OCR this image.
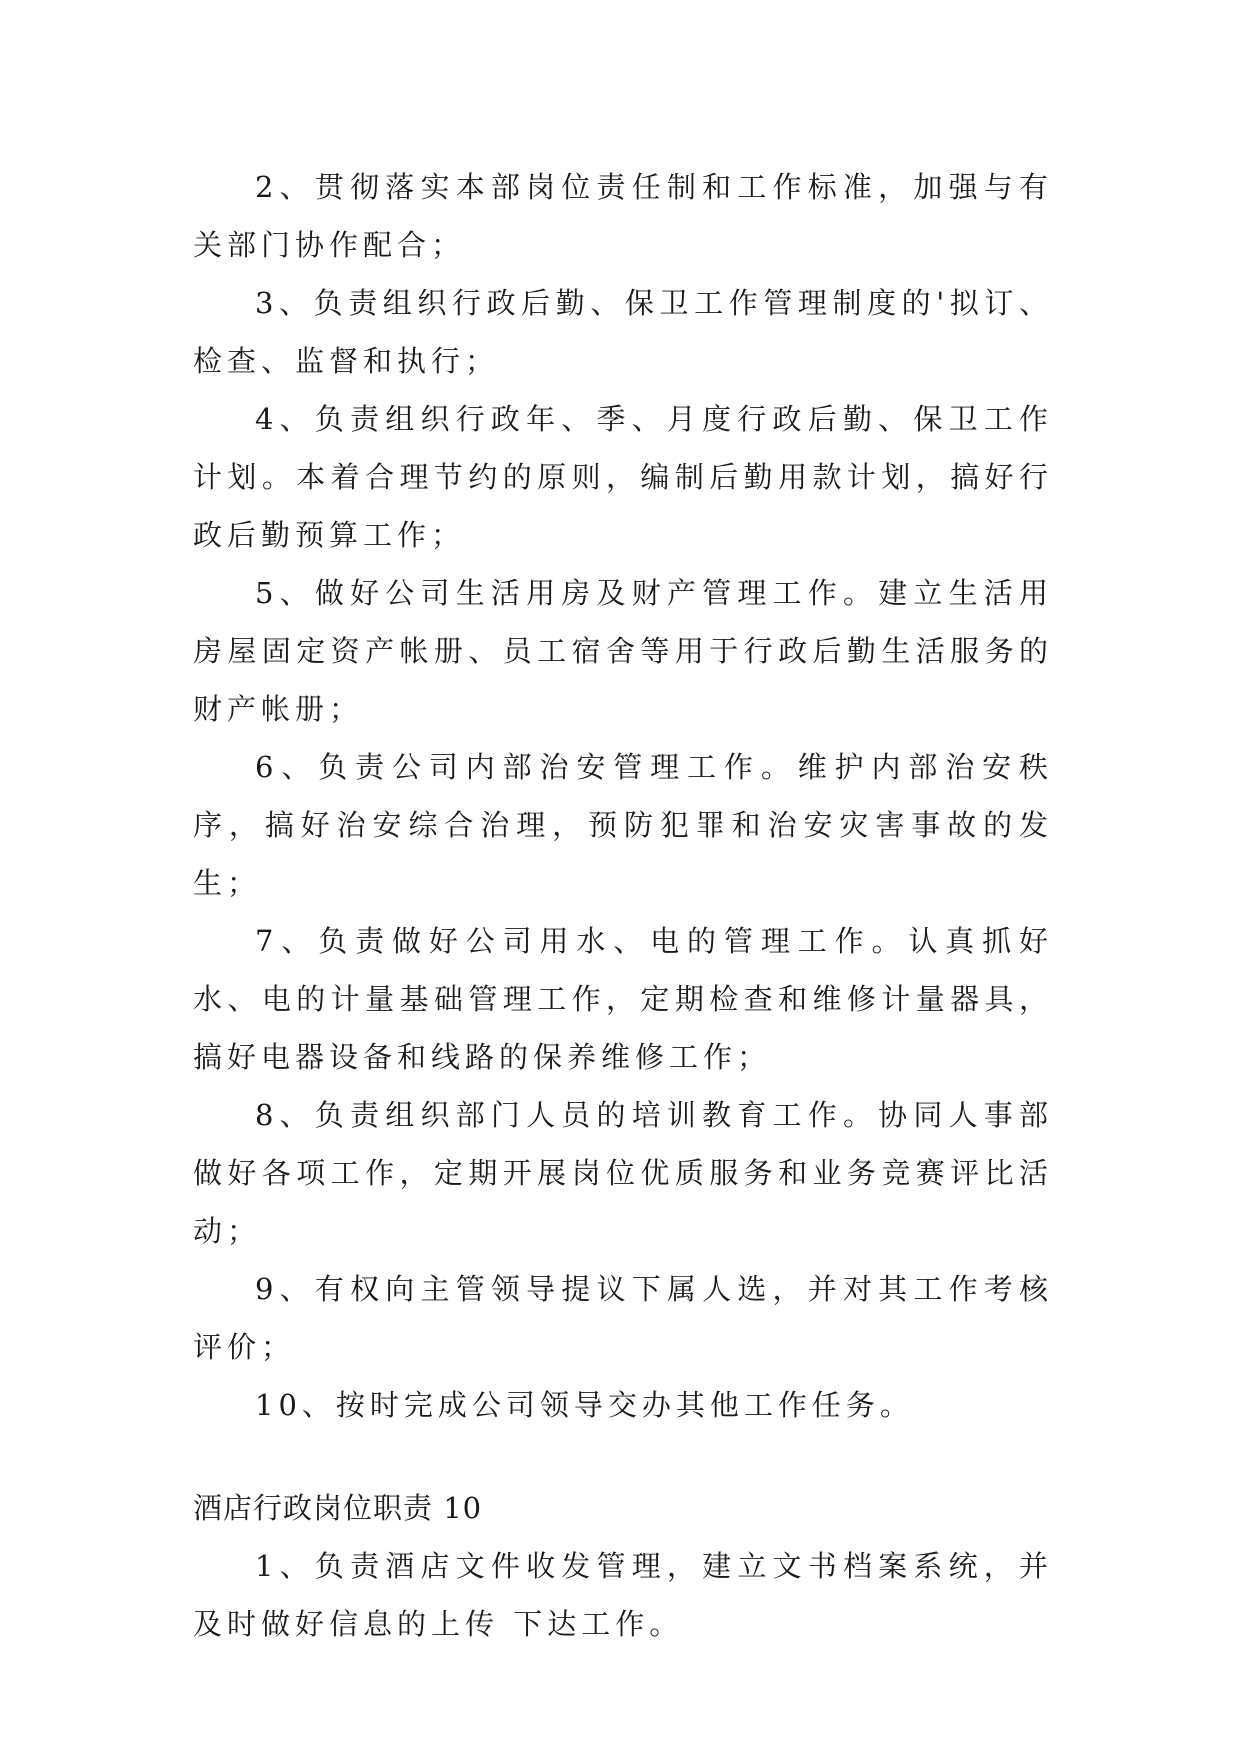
2、贯彻落实本部岗位责任制和工作标准，加强与有关部门协作配合；

3、负责组织行政后勤、保卫工作管理制度的'拟订、检查、监督和执行；

4、负责组织行政年、季、月度行政后勤、保卫工作计划。本着合理节约的原则，编制后勤用款计划，搞好行政后勤预算工作；

5、做好公司生活用房及财产管理工作。建立生活用房屋固定资产帐册、员工宿舍等用于行政后勤生活服务的财产帐册；

6、负责公司内部治安管理工作。维护内部治安秩序，搞好治安综合治理，预防犯罪和治安灾害事故的发生；

7、负责做好公司用水、电的管理工作。认真抓好水、电的计量基础管理工作，定期检查和维修计量器具，搞好电器设备和线路的保养维修工作；

8、负责组织部门人员的培训教育工作。协同人事部做好各项工作，定期开展岗位优质服务和业务竞赛评比活动；

9、有权向主管领导提议下属人选，并对其工作考核评价；

10、按时完成公司领导交办其他工作任务。

酒店行政岗位职责 10

1、负责酒店文件收发管理，建立文书档案系统，并及时做好信息的上传 下达工作。
